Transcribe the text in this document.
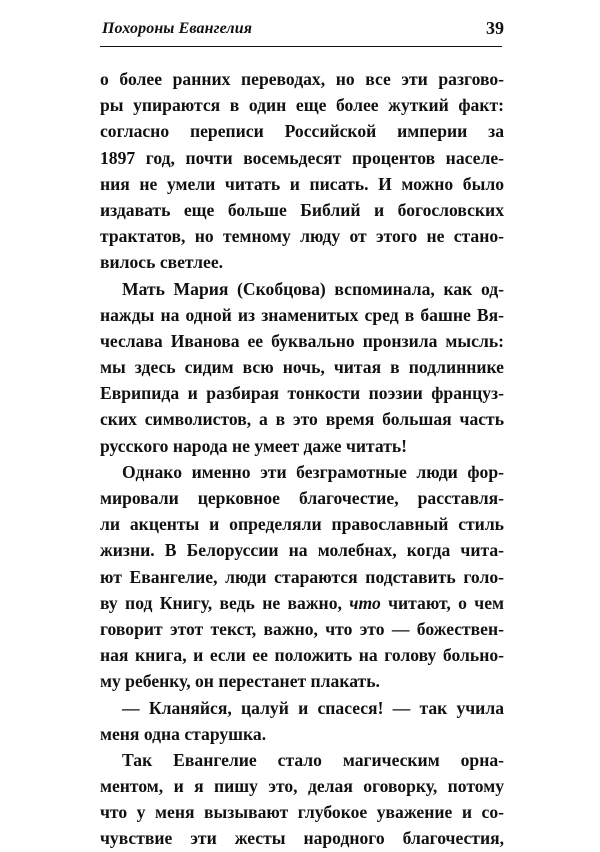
Похороны Евангелия	39
о более ранних переводах, но все эти разгово-
ры упираются в один еще более жуткий факт:
согласно переписи Российской империи за
1897 год, почти восемьдесят процентов населе-
ния не умели читать и писать. И можно было
издавать еще больше Библий и богословских
трактатов, но темному люду от этого не стано-
вилось светлее.
Мать Мария (Скобцова) вспоминала, как од-
нажды на одной из знаменитых сред в башне Вя-
чеслава Иванова ее буквально пронзила мысль:
мы здесь сидим всю ночь, читая в подлиннике
Еврипида и разбирая тонкости поэзии француз-
ских символистов, а в это время большая часть
русского народа не умеет даже читать!
Однако именно эти безграмотные люди фор-
мировали церковное благочестие, расставля-
ли акценты и определяли православный стиль
жизни. В Белоруссии на молебнах, когда чита-
ют Евангелие, люди стараются подставить голо-
ву под Книгу, ведь не важно, что читают, о чем
говорит этот текст, важно, что это — божествен-
ная книга, и если ее положить на голову больно-
му ребенку, он перестанет плакать.
— Кланяйся, цалуй и спасеся! — так учила
меня одна старушка.
Так Евангелие стало магическим орна-
ментом, и я пишу это, делая оговорку, потому
что у меня вызывают глубокое уважение и со-
чувствие эти жесты народного благочестия,
